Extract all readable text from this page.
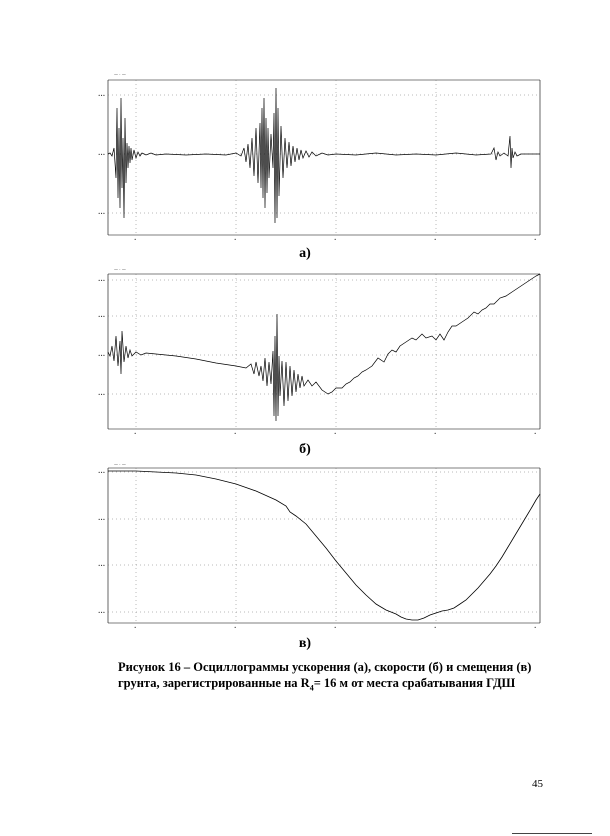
•••
•••
•••
•	•	•	•	•
— · —
а)
•••
•••
•••
•••
•	•	•	•	•
— · —
б)
•••
•••
•••
•••
•	•	•	•	•
— · —
в)
Рисунок 16 – Осциллограммы ускорения (а), скорости (б) и смещения (в) грунта, зарегистрированные на $R_4= 16$ м от места срабатывания ГДШ
45
